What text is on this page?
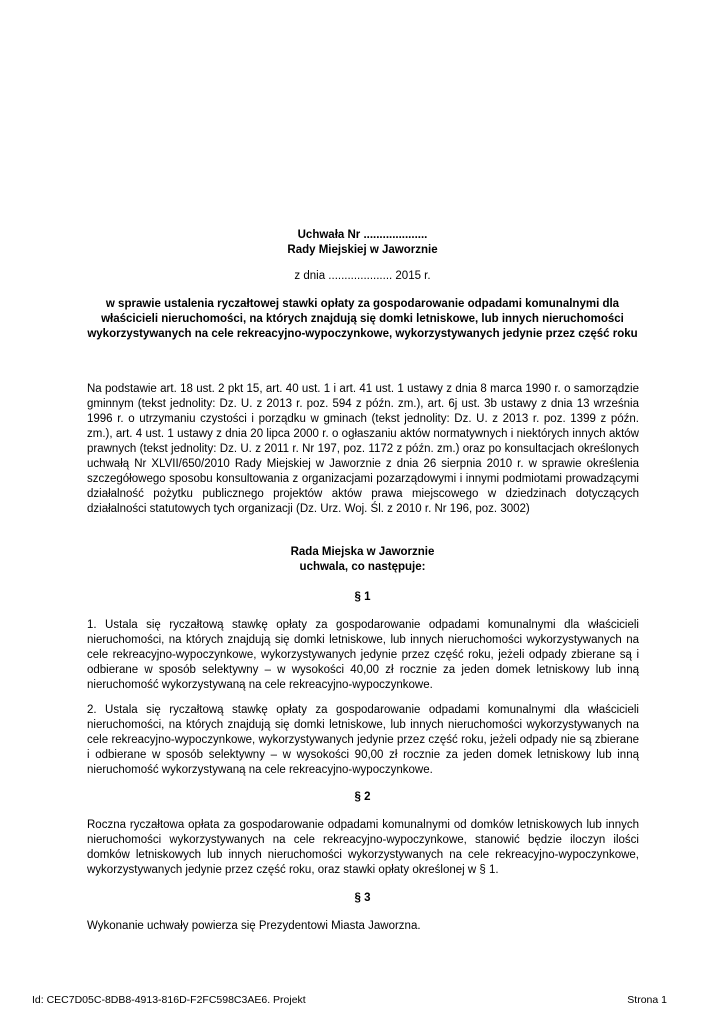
Uchwała Nr ....................
Rady Miejskiej w Jaworznie
z dnia .................... 2015 r.
w sprawie ustalenia ryczałtowej stawki opłaty za gospodarowanie odpadami komunalnymi dla właścicieli nieruchomości, na których znajdują się domki letniskowe, lub innych nieruchomości wykorzystywanych na cele rekreacyjno-wypoczynkowe, wykorzystywanych jedynie przez część roku
Na podstawie art. 18 ust. 2 pkt 15, art. 40 ust. 1 i art. 41 ust. 1 ustawy z dnia 8 marca 1990 r. o samorządzie gminnym (tekst jednolity: Dz. U. z 2013 r. poz. 594 z późn. zm.), art. 6j ust. 3b ustawy z dnia 13 września 1996 r. o utrzymaniu czystości i porządku w gminach (tekst jednolity: Dz. U. z 2013 r. poz. 1399 z późn. zm.), art. 4 ust. 1 ustawy z dnia 20 lipca 2000 r. o ogłaszaniu aktów normatywnych i niektórych innych aktów prawnych (tekst jednolity: Dz. U. z 2011 r. Nr 197, poz. 1172 z późn. zm.) oraz po konsultacjach określonych uchwałą Nr XLVII/650/2010 Rady Miejskiej w Jaworznie z dnia 26 sierpnia 2010 r. w sprawie określenia szczegółowego sposobu konsultowania z organizacjami pozarządowymi i innymi podmiotami prowadzącymi działalność pożytku publicznego projektów aktów prawa miejscowego w dziedzinach dotyczących działalności statutowych tych organizacji (Dz. Urz. Woj. Śl. z 2010 r. Nr 196, poz. 3002)
Rada Miejska w Jaworznie
uchwala, co następuje:
§ 1
1. Ustala się ryczałtową stawkę opłaty za gospodarowanie odpadami komunalnymi dla właścicieli nieruchomości, na których znajdują się domki letniskowe, lub innych nieruchomości wykorzystywanych na cele rekreacyjno-wypoczynkowe, wykorzystywanych jedynie przez część roku, jeżeli odpady zbierane są i odbierane w sposób selektywny – w wysokości 40,00 zł rocznie za jeden domek letniskowy lub inną nieruchomość wykorzystywaną na cele rekreacyjno-wypoczynkowe.
2. Ustala się ryczałtową stawkę opłaty za gospodarowanie odpadami komunalnymi dla właścicieli nieruchomości, na których znajdują się domki letniskowe, lub innych nieruchomości wykorzystywanych na cele rekreacyjno-wypoczynkowe, wykorzystywanych jedynie przez część roku, jeżeli odpady nie są zbierane i odbierane w sposób selektywny – w wysokości 90,00 zł rocznie za jeden domek letniskowy lub inną nieruchomość wykorzystywaną na cele rekreacyjno-wypoczynkowe.
§ 2
Roczna ryczałtowa opłata za gospodarowanie odpadami komunalnymi od domków letniskowych lub innych nieruchomości wykorzystywanych na cele rekreacyjno-wypoczynkowe, stanowić będzie iloczyn ilości domków letniskowych lub innych nieruchomości wykorzystywanych na cele rekreacyjno-wypoczynkowe, wykorzystywanych jedynie przez część roku, oraz stawki opłaty określonej w § 1.
§ 3
Wykonanie uchwały powierza się Prezydentowi Miasta Jaworzna.
Id: CEC7D05C-8DB8-4913-816D-F2FC598C3AE6. Projekt	Strona 1
